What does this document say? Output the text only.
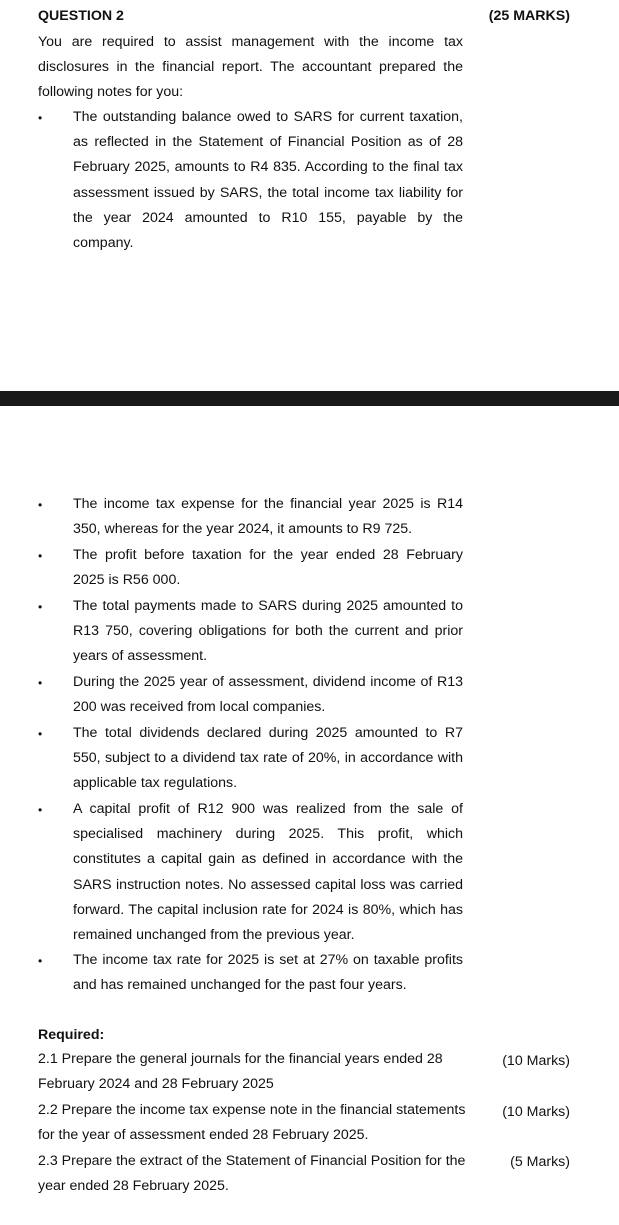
QUESTION 2	(25 MARKS)
You are required to assist management with the income tax disclosures in the financial report. The accountant prepared the following notes for you:
• The outstanding balance owed to SARS for current taxation, as reflected in the Statement of Financial Position as of 28 February 2025, amounts to R4 835. According to the final tax assessment issued by SARS, the total income tax liability for the year 2024 amounted to R10 155, payable by the company.
• The income tax expense for the financial year 2025 is R14 350, whereas for the year 2024, it amounts to R9 725.
• The profit before taxation for the year ended 28 February 2025 is R56 000.
• The total payments made to SARS during 2025 amounted to R13 750, covering obligations for both the current and prior years of assessment.
• During the 2025 year of assessment, dividend income of R13 200 was received from local companies.
• The total dividends declared during 2025 amounted to R7 550, subject to a dividend tax rate of 20%, in accordance with applicable tax regulations.
• A capital profit of R12 900 was realized from the sale of specialised machinery during 2025. This profit, which constitutes a capital gain as defined in accordance with the SARS instruction notes. No assessed capital loss was carried forward. The capital inclusion rate for 2024 is 80%, which has remained unchanged from the previous year.
• The income tax rate for 2025 is set at 27% on taxable profits and has remained unchanged for the past four years.
Required:
2.1 Prepare the general journals for the financial years ended 28 February 2024 and 28 February 2025
(10 Marks)
2.2 Prepare the income tax expense note in the financial statements for the year of assessment ended 28 February 2025.
(10 Marks)
2.3 Prepare the extract of the Statement of Financial Position for the year ended 28 February 2025.
(5 Marks)
